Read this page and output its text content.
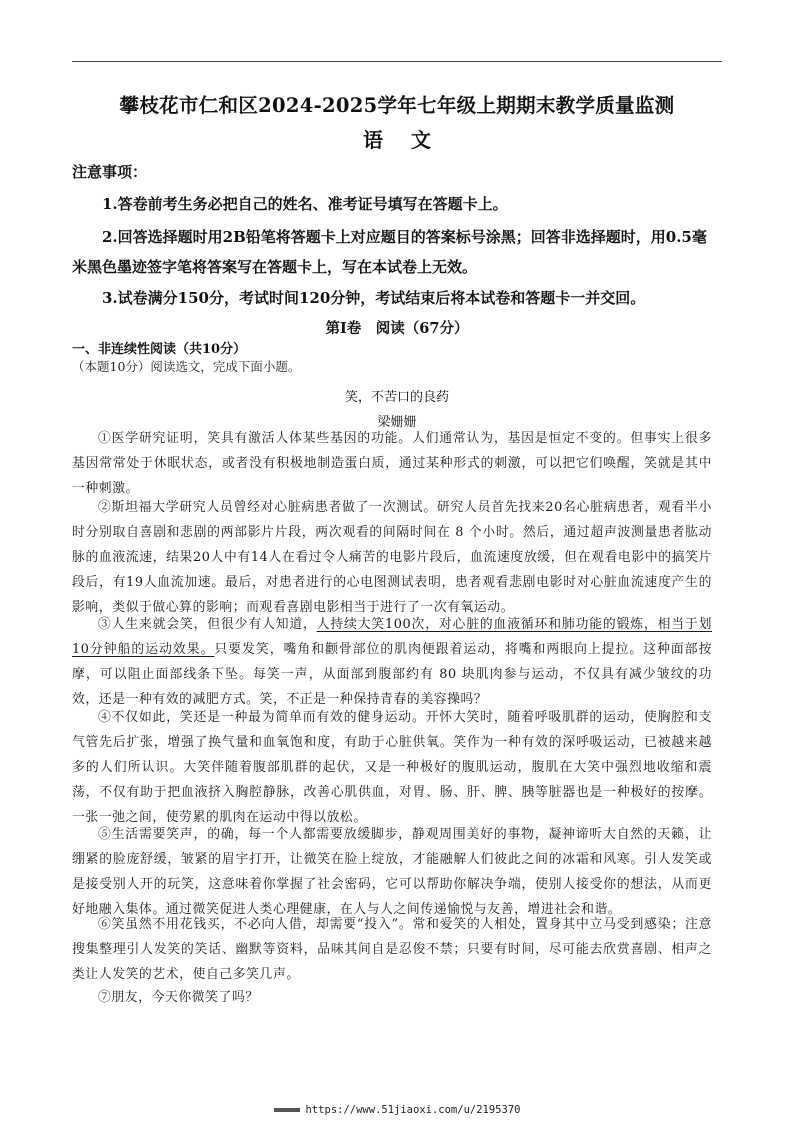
攀枝花市仁和区2024-2025学年七年级上期期末教学质量监测
语 文
注意事项：
1.答卷前考生务必把自己的姓名、准考证号填写在答题卡上。
2.回答选择题时用2B铅笔将答题卡上对应题目的答案标号涂黑；回答非选择题时，用0.5毫米黑色墨迹签字笔将答案写在答题卡上，写在本试卷上无效。
3.试卷满分150分，考试时间120分钟，考试结束后将本试卷和答题卡一并交回。
第Ⅰ卷　阅读（67分）
一、非连续性阅读（共10分）
（本题10分）阅读选文，完成下面小题。
笑，不苦口的良药
梁姗姗
①医学研究证明，笑具有激活人体某些基因的功能。人们通常认为，基因是恒定不变的。但事实上很多基因常常处于休眠状态，或者没有积极地制造蛋白质，通过某种形式的刺激，可以把它们唤醒，笑就是其中一种刺激。
②斯坦福大学研究人员曾经对心脏病患者做了一次测试。研究人员首先找来20名心脏病患者，观看半小时分别取自喜剧和悲剧的两部影片片段，两次观看的间隔时间在 8 个小时。然后，通过超声波测量患者肱动脉的血液流速，结果20人中有14人在看过令人痛苦的电影片段后，血流速度放缓，但在观看电影中的搞笑片段后，有19人血流加速。最后，对患者进行的心电图测试表明，患者观看悲剧电影时对心脏血流速度产生的影响，类似于做心算的影响；而观看喜剧电影相当于进行了一次有氧运动。
③人生来就会笑，但很少有人知道，人持续大笑100次，对心脏的血液循环和肺功能的锻炼，相当于划10分钟船的运动效果。只要发笑，嘴角和颧骨部位的肌肉便跟着运动，将嘴和两眼向上提拉。这种面部按摩，可以阻止面部线条下坠。每笑一声，从面部到腹部约有 80 块肌肉参与运动，不仅具有减少皱纹的功效，还是一种有效的减肥方式。笑，不正是一种保持青春的美容操吗？
④不仅如此，笑还是一种最为简单而有效的健身运动。开怀大笑时，随着呼吸肌群的运动，使胸腔和支气管先后扩张，增强了换气量和血氧饱和度，有助于心脏供氧。笑作为一种有效的深呼吸运动，已被越来越多的人们所认识。大笑伴随着腹部肌群的起伏，又是一种极好的腹肌运动，腹肌在大笑中强烈地收缩和震荡，不仅有助于把血液挤入胸腔静脉，改善心肌供血，对胃、肠、肝、脾、胰等脏器也是一种极好的按摩。一张一弛之间，使劳累的肌肉在运动中得以放松。
⑤生活需要笑声，的确，每一个人都需要放缓脚步，静观周围美好的事物，凝神谛听大自然的天籁，让绷紧的脸庞舒缓，皱紧的眉宇打开，让微笑在脸上绽放，才能融解人们彼此之间的冰霜和风寒。引人发笑或是接受别人开的玩笑，这意味着你掌握了社会密码，它可以帮助你解决争端，使别人接受你的想法，从而更好地融入集体。通过微笑促进人类心理健康，在人与人之间传递愉悦与友善，增进社会和谐。
⑥笑虽然不用花钱买，不必向人借，却需要“投入”。常和爱笑的人相处，置身其中立马受到感染；注意搜集整理引人发笑的笑话、幽默等资料，品味其间自是忍俊不禁；只要有时间，尽可能去欣赏喜剧、相声之类让人发笑的艺术，使自己多笑几声。
⑦朋友，今天你微笑了吗？
https://www.51jiaoxi.com/u/2195370
